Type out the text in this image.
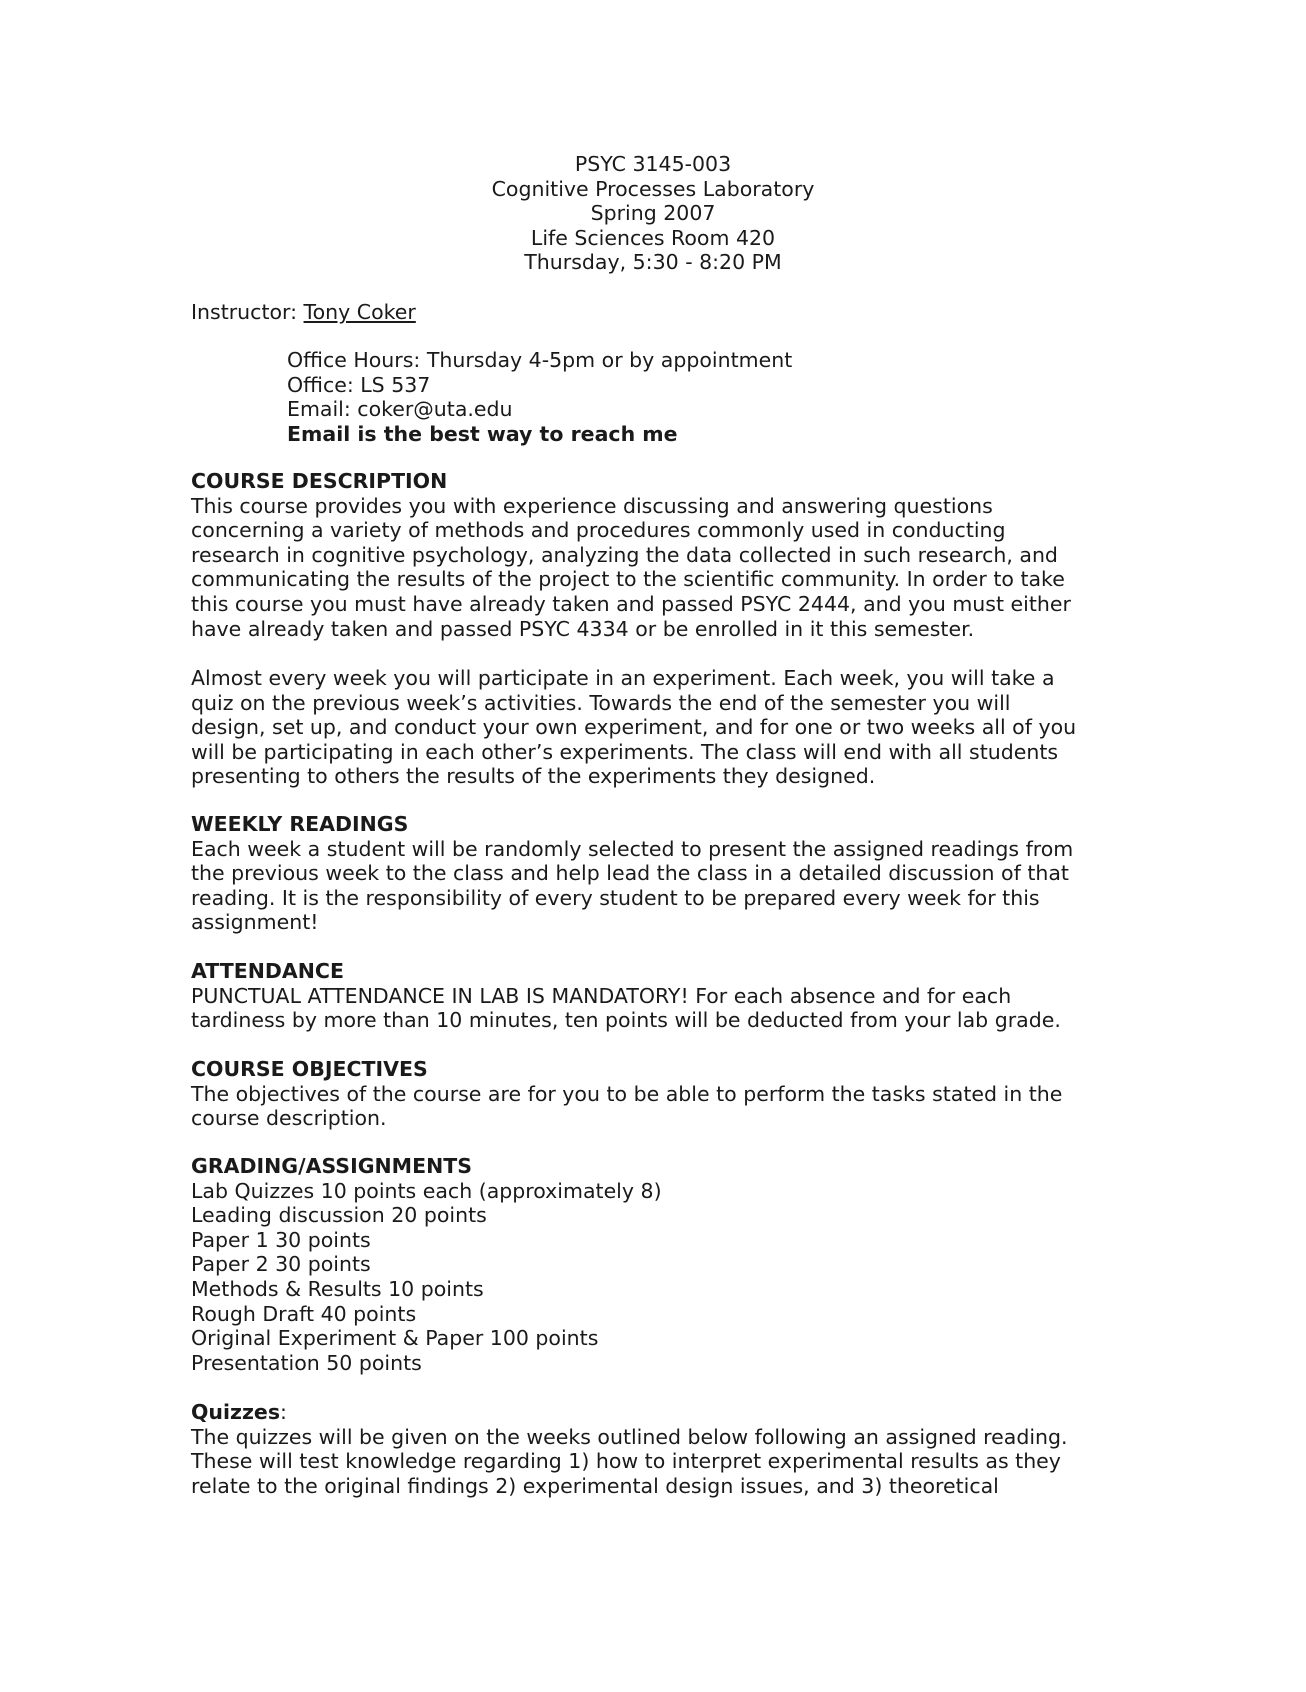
PSYC 3145-003
Cognitive Processes Laboratory
Spring 2007
Life Sciences Room 420
Thursday, 5:30 - 8:20 PM
Instructor: Tony Coker
Office Hours: Thursday 4-5pm or by appointment
Office: LS 537
Email: coker@uta.edu
Email is the best way to reach me
COURSE DESCRIPTION
This course provides you with experience discussing and answering questions
concerning a variety of methods and procedures commonly used in conducting
research in cognitive psychology, analyzing the data collected in such research, and
communicating the results of the project to the scientific community. In order to take
this course you must have already taken and passed PSYC 2444, and you must either
have already taken and passed PSYC 4334 or be enrolled in it this semester.
Almost every week you will participate in an experiment. Each week, you will take a
quiz on the previous week’s activities. Towards the end of the semester you will
design, set up, and conduct your own experiment, and for one or two weeks all of you
will be participating in each other’s experiments. The class will end with all students
presenting to others the results of the experiments they designed.
WEEKLY READINGS
Each week a student will be randomly selected to present the assigned readings from
the previous week to the class and help lead the class in a detailed discussion of that
reading. It is the responsibility of every student to be prepared every week for this
assignment!
ATTENDANCE
PUNCTUAL ATTENDANCE IN LAB IS MANDATORY! For each absence and for each
tardiness by more than 10 minutes, ten points will be deducted from your lab grade.
COURSE OBJECTIVES
The objectives of the course are for you to be able to perform the tasks stated in the
course description.
GRADING/ASSIGNMENTS
Lab Quizzes 10 points each (approximately 8)
Leading discussion 20 points
Paper 1 30 points
Paper 2 30 points
Methods & Results 10 points
Rough Draft 40 points
Original Experiment & Paper 100 points
Presentation 50 points
Quizzes:
The quizzes will be given on the weeks outlined below following an assigned reading.
These will test knowledge regarding 1) how to interpret experimental results as they
relate to the original findings 2) experimental design issues, and 3) theoretical
